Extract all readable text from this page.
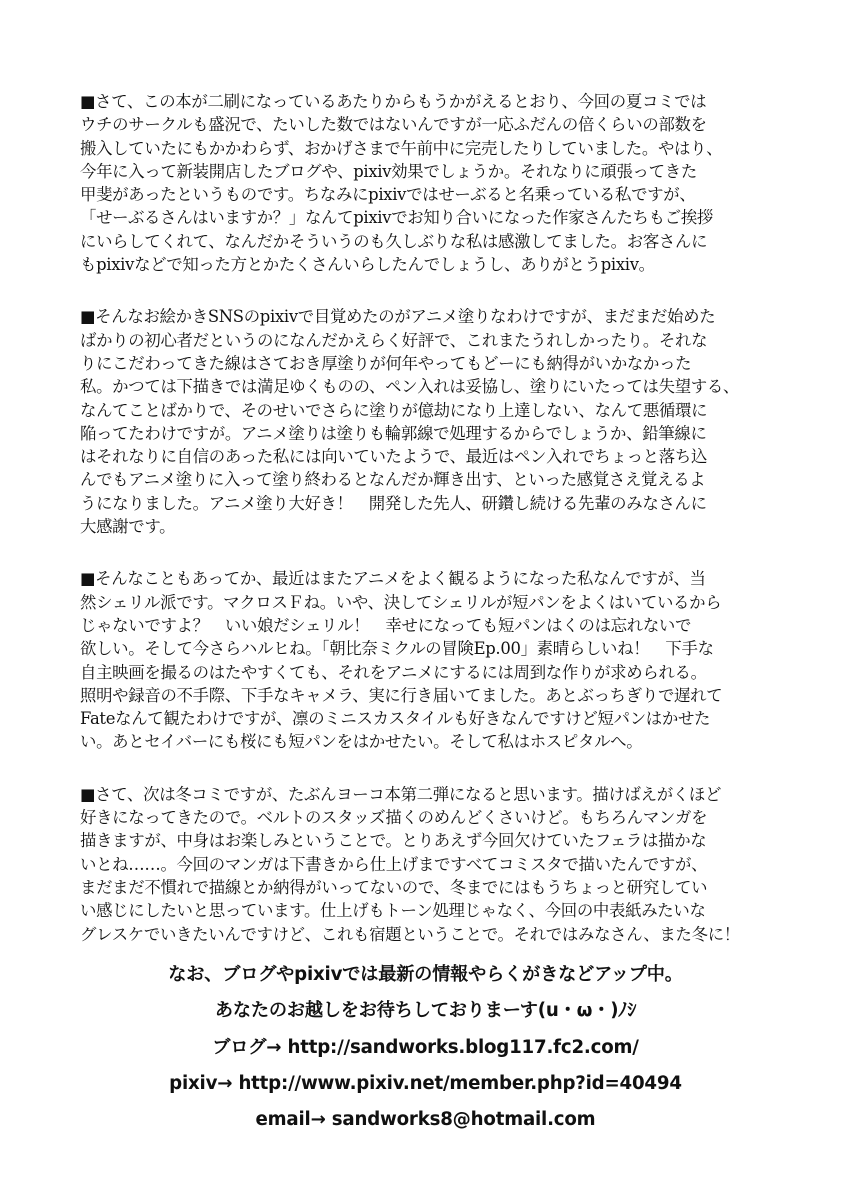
■さて、この本が二刷になっているあたりからもうかがえるとおり、今回の夏コミでは
ウチのサークルも盛況で、たいした数ではないんですが一応ふだんの倍くらいの部数を
搬入していたにもかかわらず、おかげさまで午前中に完売したりしていました。やはり、
今年に入って新装開店したブログや、pixiv効果でしょうか。それなりに頑張ってきた
甲斐があったというものです。ちなみにpixivではせーぶると名乗っている私ですが、
「せーぶるさんはいますか？」なんてpixivでお知り合いになった作家さんたちもご挨拶
にいらしてくれて、なんだかそういうのも久しぶりな私は感激してました。お客さんに
もpixivなどで知った方とかたくさんいらしたんでしょうし、ありがとうpixiv。

■そんなお絵かきSNSのpixivで目覚めたのがアニメ塗りなわけですが、まだまだ始めた
ばかりの初心者だというのになんだかえらく好評で、これまたうれしかったり。それな
りにこだわってきた線はさておき厚塗りが何年やってもどーにも納得がいかなかった
私。かつては下描きでは満足ゆくものの、ペン入れは妥協し、塗りにいたっては失望する、
なんてことばかりで、そのせいでさらに塗りが億劫になり上達しない、なんて悪循環に
陥ってたわけですが。アニメ塗りは塗りも輪郭線で処理するからでしょうか、鉛筆線に
はそれなりに自信のあった私には向いていたようで、最近はペン入れでちょっと落ち込
んでもアニメ塗りに入って塗り終わるとなんだか輝き出す、といった感覚さえ覚えるよ
うになりました。アニメ塗り大好き！　開発した先人、研鑽し続ける先輩のみなさんに
大感謝です。

■そんなこともあってか、最近はまたアニメをよく観るようになった私なんですが、当
然シェリル派です。マクロスＦね。いや、決してシェリルが短パンをよくはいているから
じゃないですよ？　いい娘だシェリル！　幸せになっても短パンはくのは忘れないで
欲しい。そして今さらハルヒね。「朝比奈ミクルの冒険Ep.00」素晴らしいね！　下手な
自主映画を撮るのはたやすくても、それをアニメにするには周到な作りが求められる。
照明や録音の不手際、下手なキャメラ、実に行き届いてました。あとぶっちぎりで遅れて
Fateなんて観たわけですが、凛のミニスカスタイルも好きなんですけど短パンはかせた
い。あとセイバーにも桜にも短パンをはかせたい。そして私はホスピタルへ。

■さて、次は冬コミですが、たぶんヨーコ本第二弾になると思います。描けばえがくほど
好きになってきたので。ベルトのスタッズ描くのめんどくさいけど。もちろんマンガを
描きますが、中身はお楽しみということで。とりあえず今回欠けていたフェラは描かな
いとね……。今回のマンガは下書きから仕上げまですべてコミスタで描いたんですが、
まだまだ不慣れで描線とか納得がいってないので、冬までにはもうちょっと研究してい
い感じにしたいと思っています。仕上げもトーン処理じゃなく、今回の中表紙みたいな
グレスケでいきたいんですけど、これも宿題ということで。それではみなさん、また冬に！

なお、ブログやpixivでは最新の情報やらくがきなどアップ中。
あなたのお越しをお待ちしておりまーす(u・ω・)ﾉｼ
ブログ→ http://sandworks.blog117.fc2.com/
pixiv→ http://www.pixiv.net/member.php?id=40494
email→ sandworks8@hotmail.com
